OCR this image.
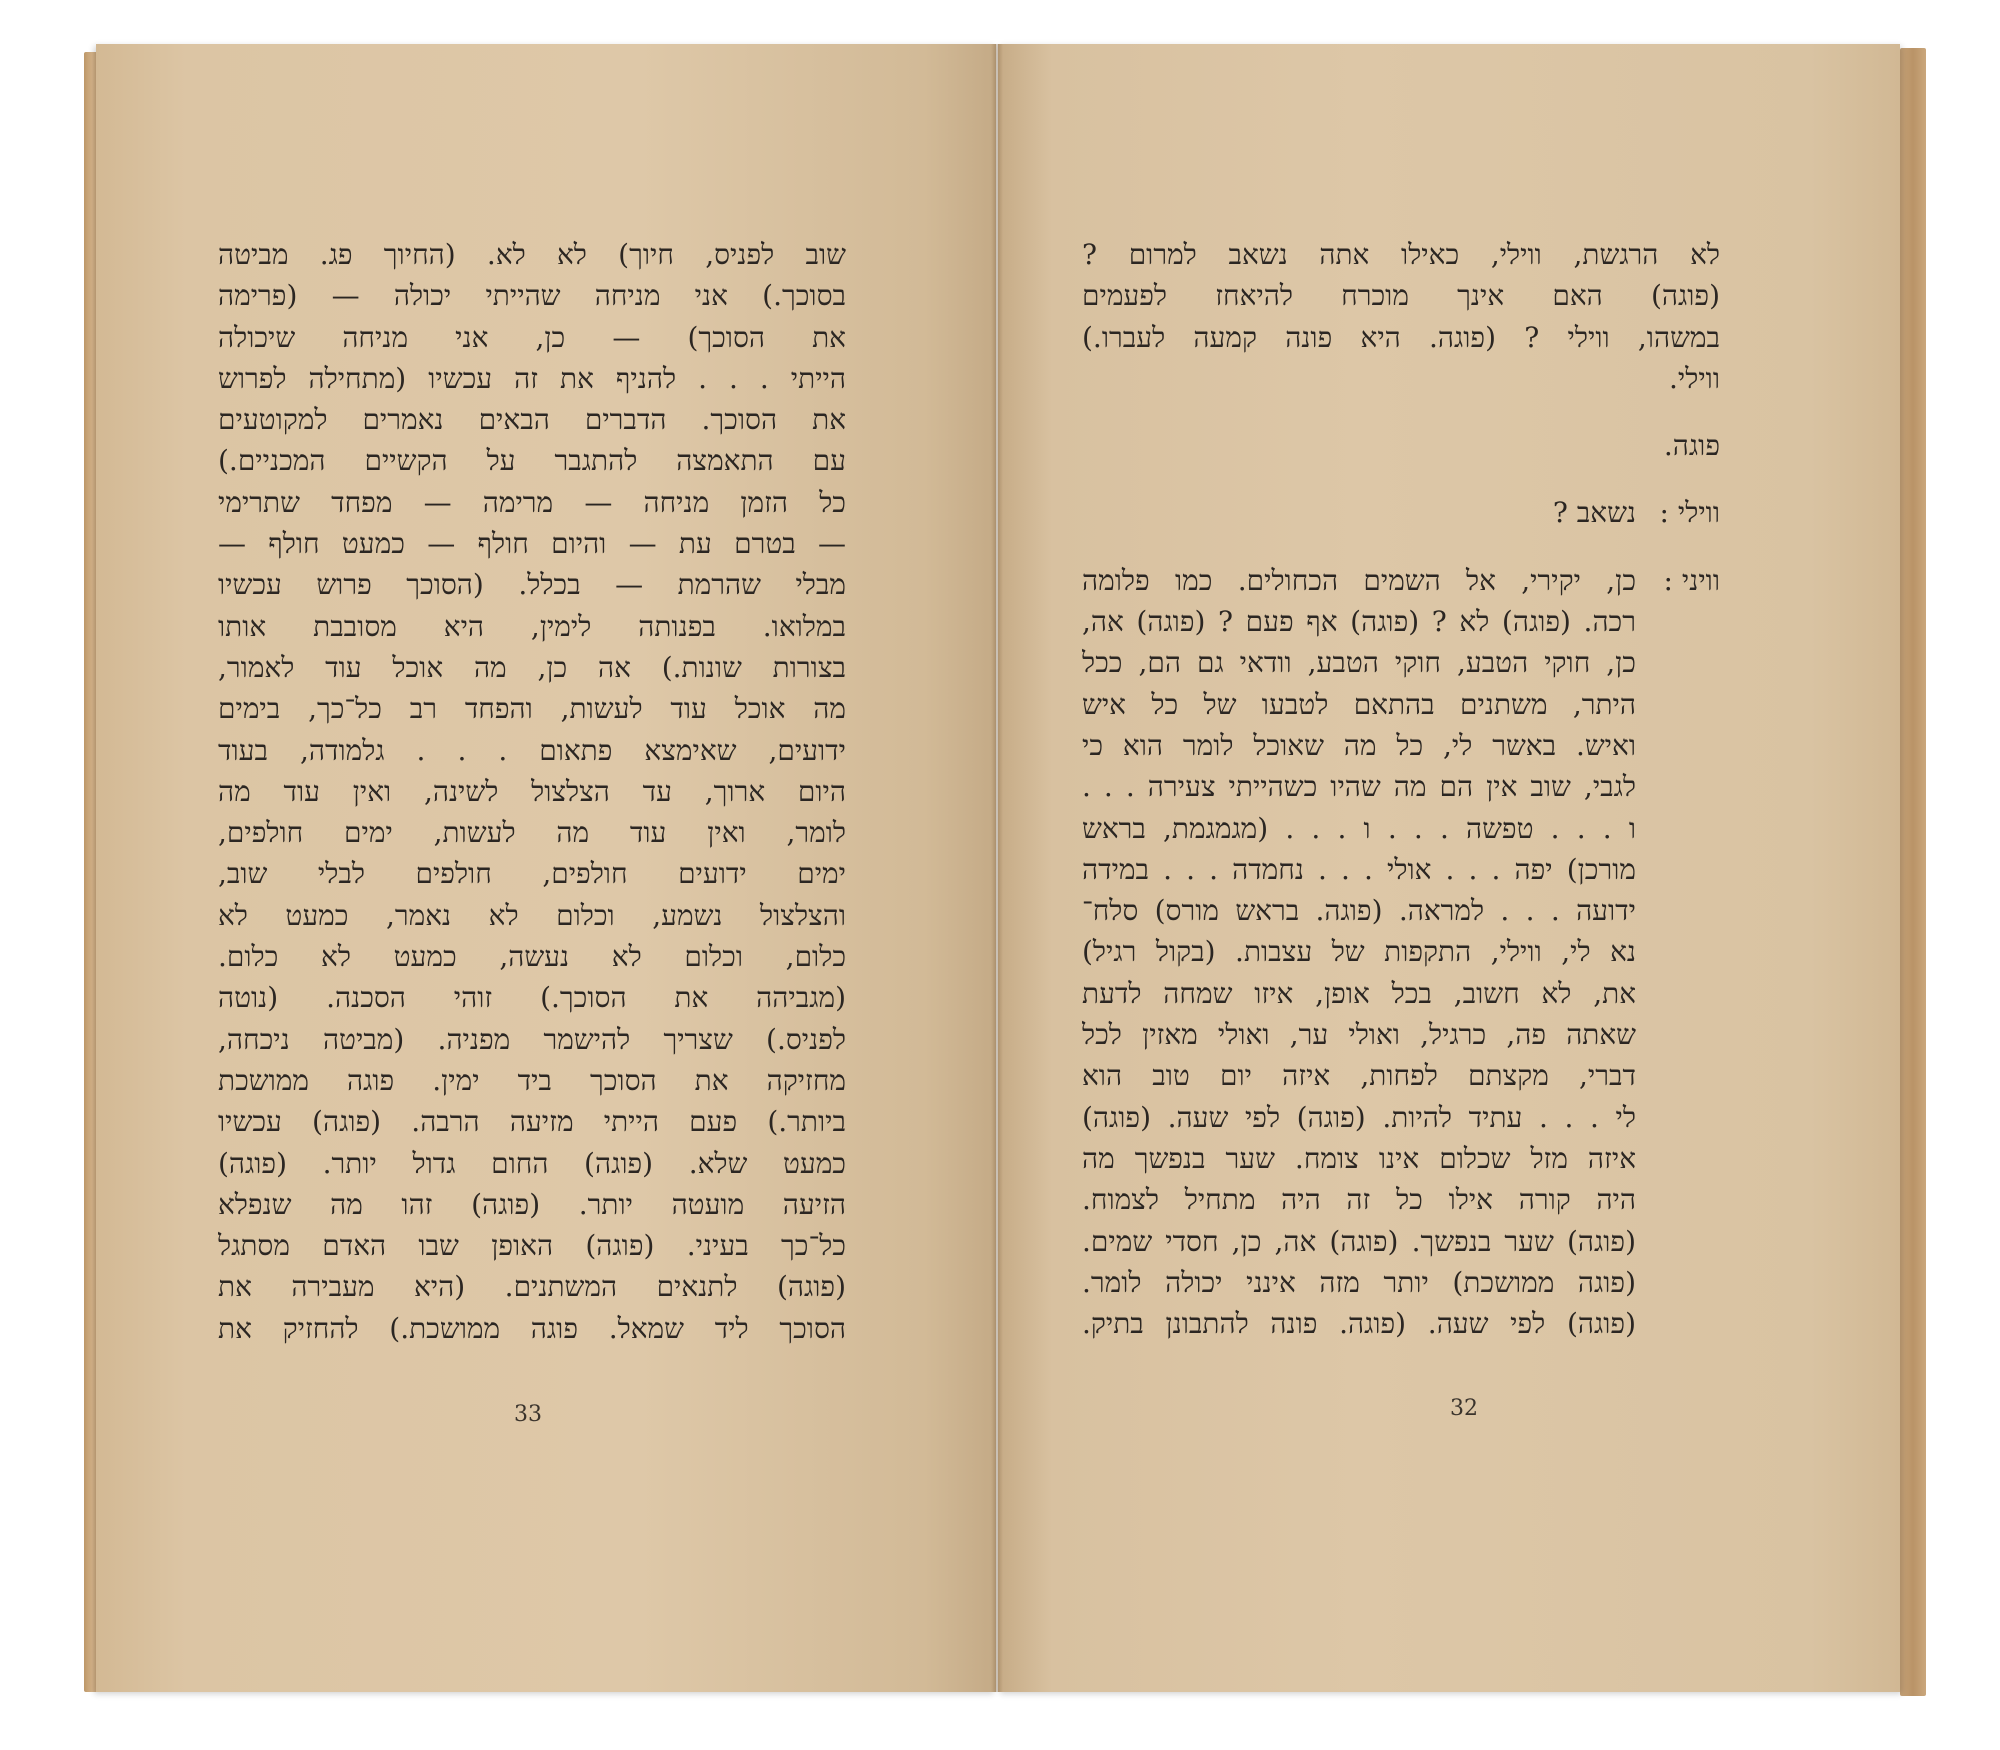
שוב לפניס, חיוך) לא לא. (החיוך פג. מביטה
בסוכך.) אני מניחה שהייתי יכולה — (פרימה
את הסוכך) — כן, אני מניחה שיכולה
הייתי . . . להניף את זה עכשיו (מתחילה לפרוש
את הסוכך. הדברים הבאים נאמרים למקוטעים
עם התאמצה להתגבר על הקשיים המכניים.)
כל הזמן מניחה — מרימה — מפחד שתרימי
— בטרם עת — והיום חולף — כמעט חולף —
מבלי שהרמת — בכלל. (הסוכך פרוש עכשיו
במלואו. בפנותה לימין, היא מסובבת אותו
בצורות שונות.) אה כן, מה אוכל עוד לאמור,
מה אוכל עוד לעשות, והפחד רב כל־כך, בימים
ידועים, שאימצא פתאום . . . גלמודה, בעוד
היום ארוך, עד הצלצול לשינה, ואין עוד מה
לומר, ואין עוד מה לעשות, ימים חולפים,
ימים ידועים חולפים, חולפים לבלי שוב,
והצלצול נשמע, וכלום לא נאמר, כמעט לא
כלום, וכלום לא נעשה, כמעט לא כלום.
(מגביהה את הסוכך.) זוהי הסכנה. (נוטה
לפניס.) שצריך להישמר מפניה. (מביטה ניכחה,
מחזיקה את הסוכך ביד ימין. פוגה ממושכת
ביותר.) פעם הייתי מזיעה הרבה. (פוגה) עכשיו
כמעט שלא. (פוגה) החום גדול יותר. (פוגה)
הזיעה מועטה יותר. (פוגה) זהו מה שנפלא
כל־כך בעיני. (פוגה) האופן שבו האדם מסתגל
(פוגה) לתנאים המשתנים. (היא מעבירה את
הסוכך ליד שמאל. פוגה ממושכת.) להחזיק את
33
לא הרגשת, ווילי, כאילו אתה נשאב למרום ?
(פוגה) האם אינך מוכרח להיאחז לפעמים
במשהו, ווילי ? (פוגה. היא פונה קמעה לעברו.)
ווילי.
פוגה.
ווילי :
נשאב ?
וויני :
כן, יקירי, אל השמים הכחולים. כמו פלומה
רכה. (פוגה) לא ? (פוגה) אף פעם ? (פוגה) אה,
כן, חוקי הטבע, חוקי הטבע, וודאי גם הם, ככל
היתר, משתנים בהתאם לטבעו של כל איש
ואיש. באשר לי, כל מה שאוכל לומר הוא כי
לגבי, שוב אין הם מה שהיו כשהייתי צעירה . . .
ו . . . טפשה . . . ו . . . (מגמגמת, בראש
מורכן) יפה . . . אולי . . . נחמדה . . . במידה
ידועה . . . למראה. (פוגה. בראש מורס) סלח־
נא לי, ווילי, התקפות של עצבות. (בקול רגיל)
את, לא חשוב, בכל אופן, איזו שמחה לדעת
שאתה פה, כרגיל, ואולי ער, ואולי מאזין לכל
דברי, מקצתם לפחות, איזה יום טוב הוא
לי . . . עתיד להיות. (פוגה) לפי שעה. (פוגה)
איזה מזל שכלום אינו צומח. שער בנפשך מה
היה קורה אילו כל זה היה מתחיל לצמוח.
(פוגה) שער בנפשך. (פוגה) אה, כן, חסדי שמים.
(פוגה ממושכת) יותר מזה אינני יכולה לומר.
(פוגה) לפי שעה. (פוגה. פונה להתבונן בתיק.
32
